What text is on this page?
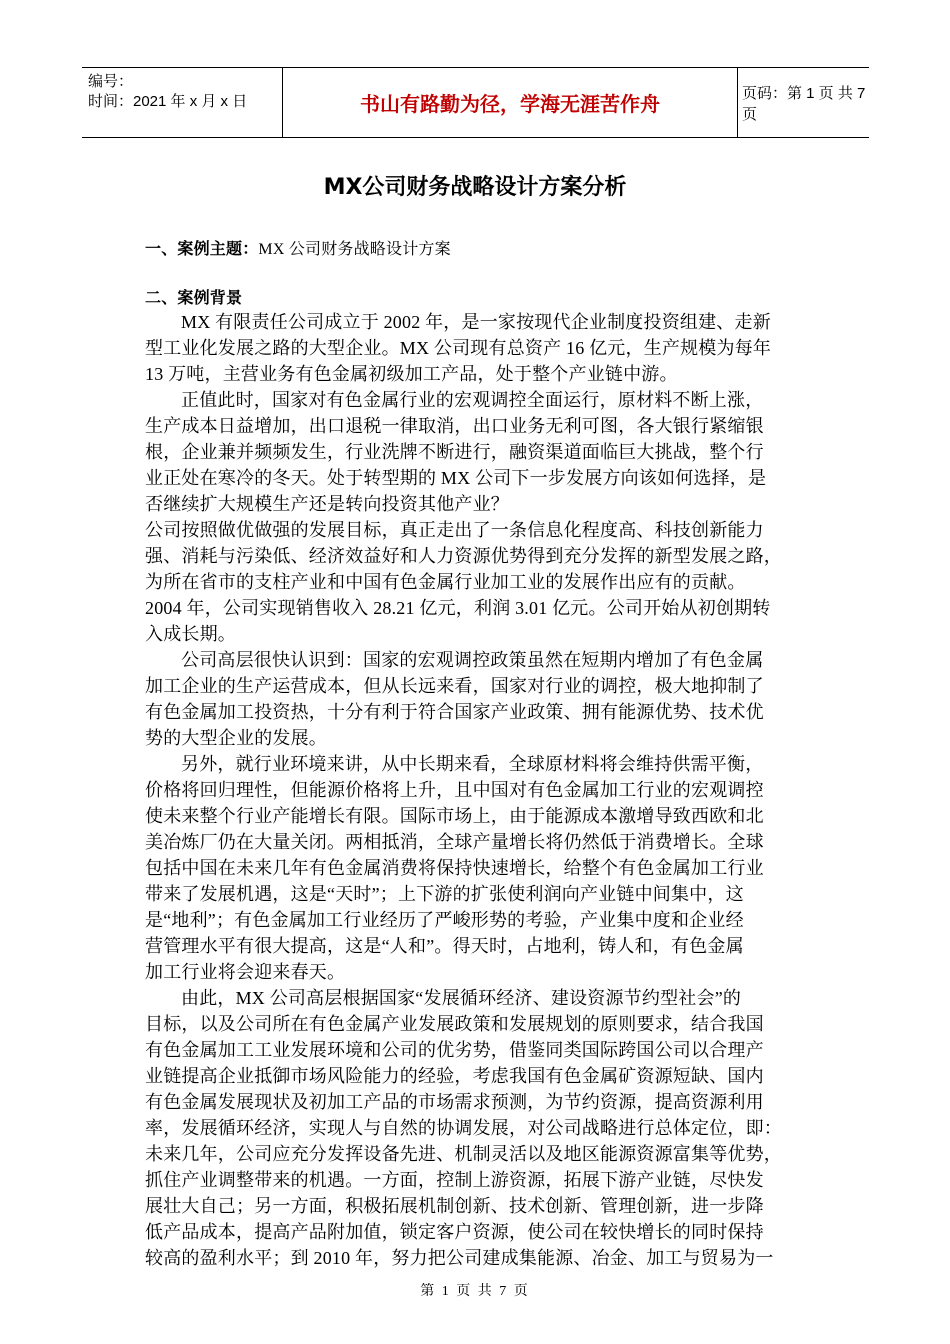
编号：
时间：2021 年 x 月 x 日	书山有路勤为径，学海无涯苦作舟	页码：第 1 页 共 7 页
MX公司财务战略设计方案分析
一、案例主题：MX 公司财务战略设计方案
二、案例背景
MX 有限责任公司成立于 2002 年，是一家按现代企业制度投资组建、走新
型工业化发展之路的大型企业。MX 公司现有总资产 16 亿元，生产规模为每年
13 万吨，主营业务有色金属初级加工产品，处于整个产业链中游。
正值此时，国家对有色金属行业的宏观调控全面运行，原材料不断上涨，
生产成本日益增加，出口退税一律取消，出口业务无利可图，各大银行紧缩银
根，企业兼并频频发生，行业洗牌不断进行，融资渠道面临巨大挑战，整个行
业正处在寒冷的冬天。处于转型期的 MX 公司下一步发展方向该如何选择，是
否继续扩大规模生产还是转向投资其他产业？
公司按照做优做强的发展目标，真正走出了一条信息化程度高、科技创新能力
强、消耗与污染低、经济效益好和人力资源优势得到充分发挥的新型发展之路，
为所在省市的支柱产业和中国有色金属行业加工业的发展作出应有的贡献。
2004 年，公司实现销售收入 28.21 亿元，利润 3.01 亿元。公司开始从初创期转
入成长期。
公司高层很快认识到：国家的宏观调控政策虽然在短期内增加了有色金属
加工企业的生产运营成本，但从长远来看，国家对行业的调控，极大地抑制了
有色金属加工投资热，十分有利于符合国家产业政策、拥有能源优势、技术优
势的大型企业的发展。
另外，就行业环境来讲，从中长期来看，全球原材料将会维持供需平衡，
价格将回归理性，但能源价格将上升，且中国对有色金属加工行业的宏观调控
使未来整个行业产能增长有限。国际市场上，由于能源成本激增导致西欧和北
美冶炼厂仍在大量关闭。两相抵消，全球产量增长将仍然低于消费增长。全球
包括中国在未来几年有色金属消费将保持快速增长，给整个有色金属加工行业
带来了发展机遇，这是“天时”；上下游的扩张使利润向产业链中间集中，这
是“地利”；有色金属加工行业经历了严峻形势的考验，产业集中度和企业经
营管理水平有很大提高，这是“人和”。得天时，占地利，铸人和，有色金属
加工行业将会迎来春天。
由此，MX 公司高层根据国家“发展循环经济、建设资源节约型社会”的
目标，以及公司所在有色金属产业发展政策和发展规划的原则要求，结合我国
有色金属加工工业发展环境和公司的优劣势，借鉴同类国际跨国公司以合理产
业链提高企业抵御市场风险能力的经验，考虑我国有色金属矿资源短缺、国内
有色金属发展现状及初加工产品的市场需求预测，为节约资源，提高资源利用
率，发展循环经济，实现人与自然的协调发展，对公司战略进行总体定位，即：
未来几年，公司应充分发挥设备先进、机制灵活以及地区能源资源富集等优势，
抓住产业调整带来的机遇。一方面，控制上游资源，拓展下游产业链，尽快发
展壮大自己；另一方面，积极拓展机制创新、技术创新、管理创新，进一步降
低产品成本，提高产品附加值，锁定客户资源，使公司在较快增长的同时保持
较高的盈利水平；到 2010 年，努力把公司建成集能源、冶金、加工与贸易为一
第 1 页 共 7 页
